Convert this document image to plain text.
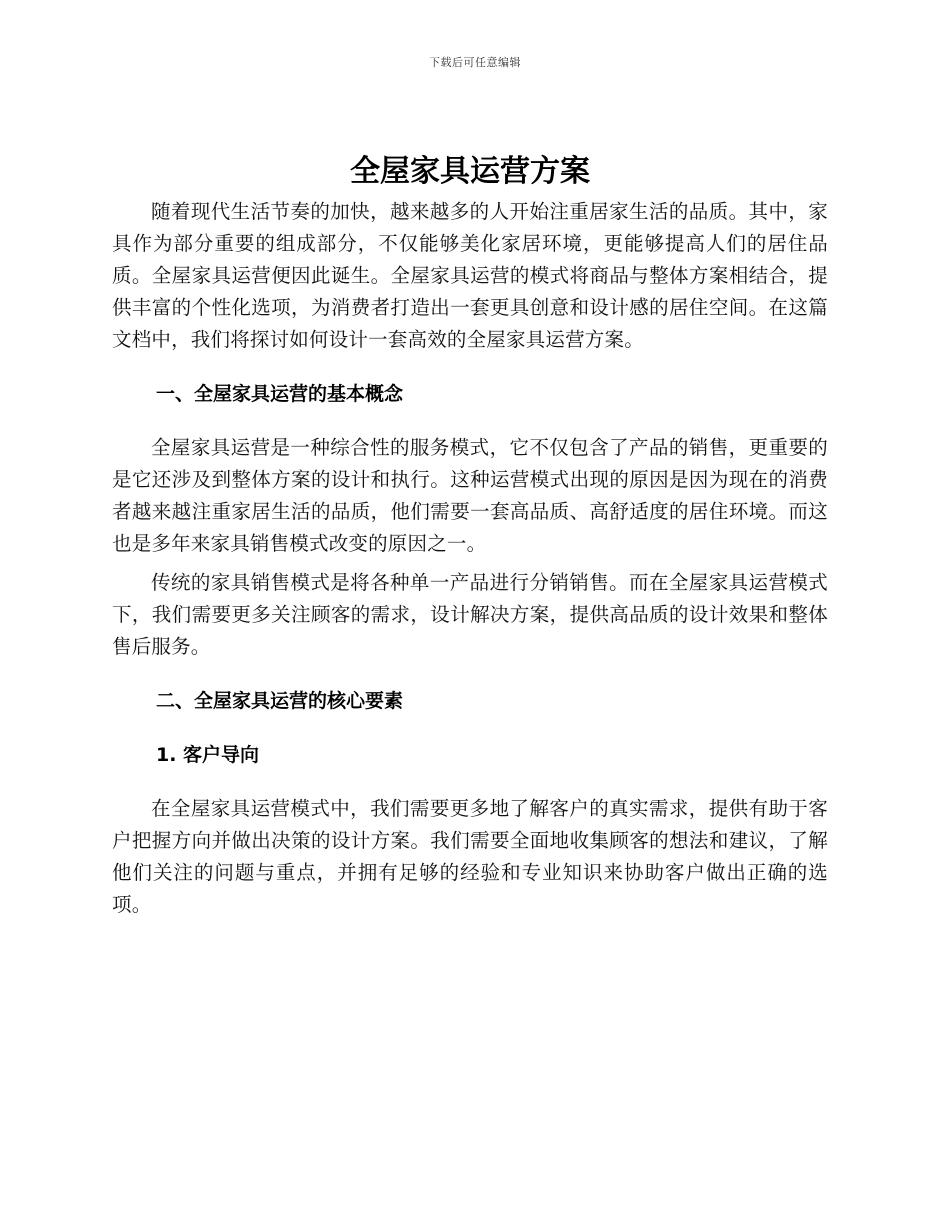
下载后可任意编辑
全屋家具运营方案

随着现代生活节奏的加快，越来越多的人开始注重居家生活的品质。其中，家具作为部分重要的组成部分，不仅能够美化家居环境，更能够提高人们的居住品质。全屋家具运营便因此诞生。全屋家具运营的模式将商品与整体方案相结合，提供丰富的个性化选项，为消费者打造出一套更具创意和设计感的居住空间。在这篇文档中，我们将探讨如何设计一套高效的全屋家具运营方案。

一、全屋家具运营的基本概念

全屋家具运营是一种综合性的服务模式，它不仅包含了产品的销售，更重要的是它还涉及到整体方案的设计和执行。这种运营模式出现的原因是因为现在的消费者越来越注重家居生活的品质，他们需要一套高品质、高舒适度的居住环境。而这也是多年来家具销售模式改变的原因之一。

传统的家具销售模式是将各种单一产品进行分销销售。而在全屋家具运营模式下，我们需要更多关注顾客的需求，设计解决方案，提供高品质的设计效果和整体售后服务。

二、全屋家具运营的核心要素
1. 客户导向

在全屋家具运营模式中，我们需要更多地了解客户的真实需求，提供有助于客户把握方向并做出决策的设计方案。我们需要全面地收集顾客的想法和建议，了解他们关注的问题与重点，并拥有足够的经验和专业知识来协助客户做出正确的选项。
